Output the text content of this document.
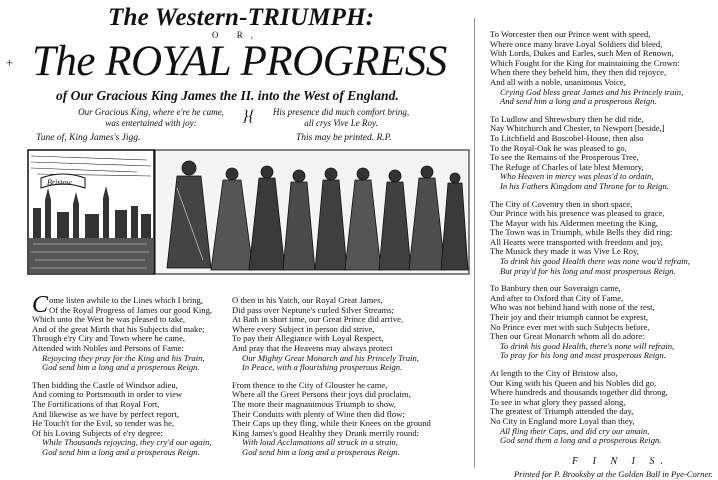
The Western-TRIUMPH:
O R,
+ The ROYAL PROGRESS
of Our Gracious King James the II. into the West of England.
Our Gracious King, where e're he came,
was entertained with joy:	}{	His presence did much comfort bring,
all crys Vive Le Roy.
Tune of, King James's Jigg.	This may be printed. R.P.
Bristow
Come listen awhile to the Lines which I bring,
Of the Royal Progress of James our good King,
Which unto the West he was pleased to take,
And of the great Mirth that his Subjects did make;
Through e'ry City and Town where he came,
Attended with Nobles and Persons of Fame:
Rejoycing they pray for the King and his Train,
God send him a long and a prosperous Reign.
Then bidding the Castle of Windsor adieu,
And coming to Portsmouth in order to view
The Fortifications of that Royal Fort,
And likewise as we have by perfect report,
He Touch't for the Evil, so tender was he,
Of his Loving Subjects of e'ry degree:
While Thousands rejoycing, they cry'd our again,
God send him a long and a prosperous Reign.
O then in his Yatch, our Royal Great James,
Did pass over Neptune's curled Silver Streams;
At Bath in short time, our Great Prince did arrive,
Where every Subject in person did strive,
To pay their Allegiance with Loyal Respect,
And pray that the Heavens may always protect
Our Mighty Great Monarch and his Princely Train,
In Peace, with a flourishing prosperous Reign.
From thence to the City of Glouster he came,
Where all the Greet Persons their joys did proclaim,
The more their magnanimous Triumph to show,
Their Conduits with plenty of Wine then did flow;
Their Caps up they fling, while their Knees on the ground
King James's good Healthy they Drunk merrily round:
With loud Acclamations all struck in a strain,
God send him a long and a prosperous Reign.
To Worcester then our Prince went with speed,
Where once many brave Loyal Soldiers did bleed,
With Lords, Dukes and Earles, such Men of Renown,
Which Fought for the King for maintaining the Crown:
When there they beheld him, they then did rejoyce,
And all with a noble, unanimous Voice,
Crying God bless great James and his Princely train,
And send him a long and a prosperous Reign.
To Ludlow and Shrewsbury then he did ride,
Nay Whitchurch and Chester, to Newport [beside,]
To Litchfield and Boscobel-House, then also
To the Royal-Oak he was pleased to go,
To see the Remains of the Prosperous Tree,
The Refuge of Charles of late blest Memory,
Who Heaven in mercy was pleas'd to ordain,
In his Fathers Kingdom and Throne for to Reign.
The City of Coventry then in short space,
Our Prince with his presence was pleased to grace,
The Mayor with his Aldermen meeting the King,
The Town was in Triumph, while Bells they did ring:
All Hearts were transported with freedom and joy,
The Musick they made it was Vive Le Roy,
To drink his good Health there was none wou'd refrain,
But pray'd for his long and most prosperous Reign.
To Banbury then our Soveraign came,
And after to Oxford that City of Fame,
Who was not behind hand with none of the rest,
Their joy and their triumph cannot be exprest,
No Prince ever met with such Subjects before,
Then our Great Monarch whom all do adore:
To drink his good Health, there's none will refrain,
To pray for his long and most prosperous Reign.
At length to the City of Bristow also,
Our King with his Queen and his Nobles did go,
Where hundreds and thousands together did throng,
To see in what glory they passed along,
The greatest of Triumph attended the day,
No City in England more Loyal than they,
All fling their Caps, and did cry our amain,
God send them a long and a prosperous Reign.
F I N I S.
Printed for P. Brooksby at the Golden Ball in Pye-Corner.
